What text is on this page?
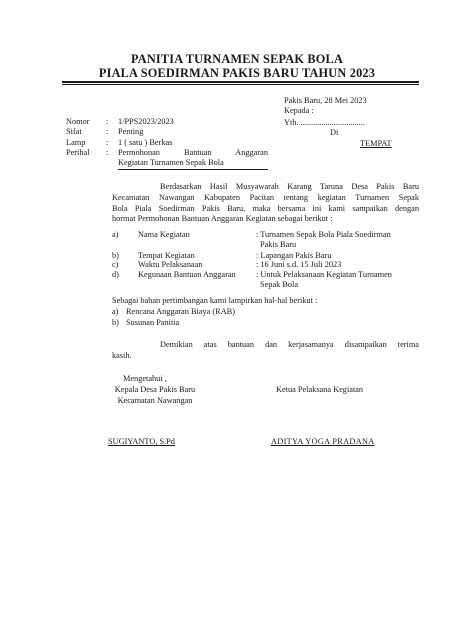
PANITIA TURNAMEN SEPAK BOLA
PIALA SOEDIRMAN PAKIS BARU TAHUN 2023
Pakis Baru, 28 Mei 2023
Kepada :
Yth. ...............................
Di
TEMPAT
Nomor : 1/PPS2023/2023
Sifat	: Penting
Lamp : 1 ( satu ) Berkas
Perihal : Permohonan Bantuan Anggaran
Kegiatan Turnamen Sepak Bola
Berdasarkan Hasil Musyawarah Karang Taruna Desa Pakis Baru
Kecamatan Nawangan Kabupaten Pacitan tentang kegiatan Turnamen Sepak
Bola Piala Soedirman Pakis Baru, maka bersama ini kami sampaikan dengan
hormat Permohonan Bantuan Anggaran Kegiatan sebagai berikut :
a) Nama Kegiatan	: Turnamen Sepak Bola Piala Soedirman
Pakis Baru
b) Tempat Kegiatan	: Lapangan Pakis Baru
c) Waktu Pelaksanaan	: 16 Juni s.d. 15 Juli 2023
d) Kegunaan Bantuan Anggaran : Untuk Pelaksanaan Kegiatan Turnamen
Sepak Bola
Sebagai bahan pertimbangan kami lampirkan hal-hal berikut :
a) Rencana Anggaran Biaya (RAB)
b) Susunan Panitia
Demikian atas bantuan dan kerjasamanya disampaikan terima
kasih.
Mengetahui ,
Kepala Desa Pakis Baru
Kecamatan Nawangan
Ketua Pelaksana Kegiatan
SUGIYANTO, S.Pd	ADITYA YOGA PRADANA
